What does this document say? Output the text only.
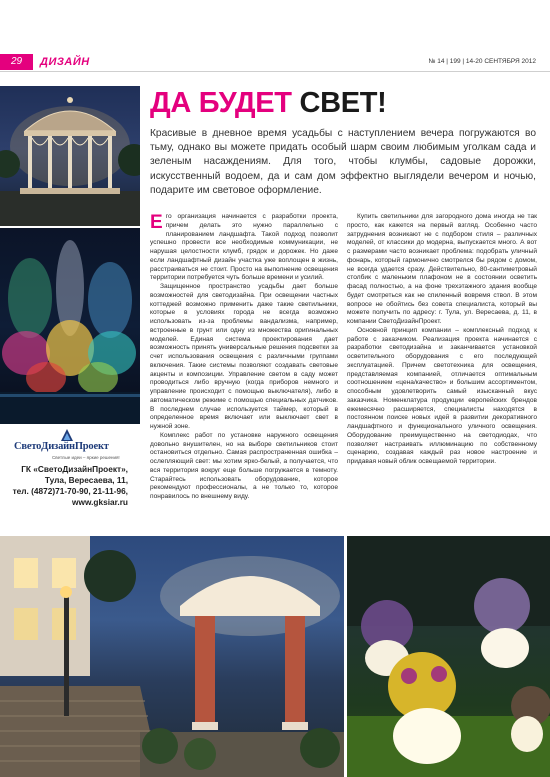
29	ДИЗАЙН	№ 14 | 199 | 14-20 СЕНТЯБРЯ 2012
СветоДизайнПроект
Светлые идеи – яркие решения!
ГК «СветоДизайнПроект»,
Тула, Вересаева, 11,
тел. (4872)71-70-90, 21-11-96,
www.gksiar.ru
ДА БУДЕТ СВЕТ!
Красивые в дневное время усадьбы с наступлением вечера погружаются во тьму, однако вы можете придать особый шарм своим любимым уголкам сада и зеленым насаждениям. Для того, чтобы клумбы, садовые дорожки, искусственный водоем, да и сам дом эффектно выглядели вечером и ночью, подарите им световое оформление.

Его организация начинается с разработки проекта, причем делать это нужно параллельно с планированием ландшафта. Такой подход позволит успешно провести все необходимые коммуникации, не нарушая целостности клумб, грядок и дорожек. Но даже если ландшафтный дизайн участка уже воплощен в жизнь, расстраиваться не стоит. Просто на выполнение освещения территории потребуется чуть больше времени и усилий.

Защищенное пространство усадьбы дает больше возможностей для светодизайна. При освещении частных коттеджей возможно применить даже такие светильники, которые в условиях города не всегда возможно использовать из-за проблемы вандализма, например, встроенные в грунт или одну из множества оригинальных моделей. Единая система проектирования дает возможность принять универсальные решения подсветки за счет использования освещения с различными группами включения. Такие системы позволяют создавать световые акценты и композиции. Управление светом в саду может проводиться либо вручную (когда приборов немного и управление происходит с помощью выключателя), либо в автоматическом режиме с помощью специальных датчиков. В последнем случае используется таймер, который в определенное время включает или выключает свет в нужной зоне.

Комплекс работ по установке наружного освещения довольно внушителен, но на выборе светильников стоит остановиться отдельно. Самая распространенная ошибка – ослепляющий свет: мы хотим ярко-белый, а получается, что вся территория вокруг еще больше погружается в темноту. Старайтесь использовать оборудование, которое рекомендуют профессионалы, а не только то, которое понравилось по внешнему виду.

Купить светильники для загородного дома иногда не так просто, как кажется на первый взгляд. Особенно часто затруднения возникают не с подбором стиля – различных моделей, от классики до модерна, выпускается много. А вот с размерами часто возникает проблема: подобрать уличный фонарь, который гармонично смотрелся бы рядом с домом, не всегда удается сразу. Действительно, 80-сантиметровый столбик с маленьким плафоном не в состоянии осветить фасад полностью, а на фоне трехэтажного здания вообще будет смотреться как не спиленный вовремя ствол. В этом вопросе не обойтись без совета специалиста, который вы можете получить по адресу: г. Тула, ул. Вересаева, д. 11, в компании СветоДизайнПроект.

Основной принцип компании – комплексный подход к работе с заказчиком. Реализация проекта начинается с разработки светодизайна и заканчивается установкой осветительного оборудования с его последующей эксплуатацией. Причем светотехника для освещения, представляемая компанией, отличается оптимальным соотношением «цена/качество» и большим ассортиментом, способным удовлетворить самый изысканный вкус заказчика. Номенклатура продукции европейских брендов ежемесячно расширяется, специалисты находятся в постоянном поиске новых идей в развитии декоративного ландшафтного и функционального уличного освещения. Оборудование преимущественно на светодиодах, что позволяет настраивать иллюминацию по собственному сценарию, создавая каждый раз новое настроение и придавая новый облик освещаемой территории.
